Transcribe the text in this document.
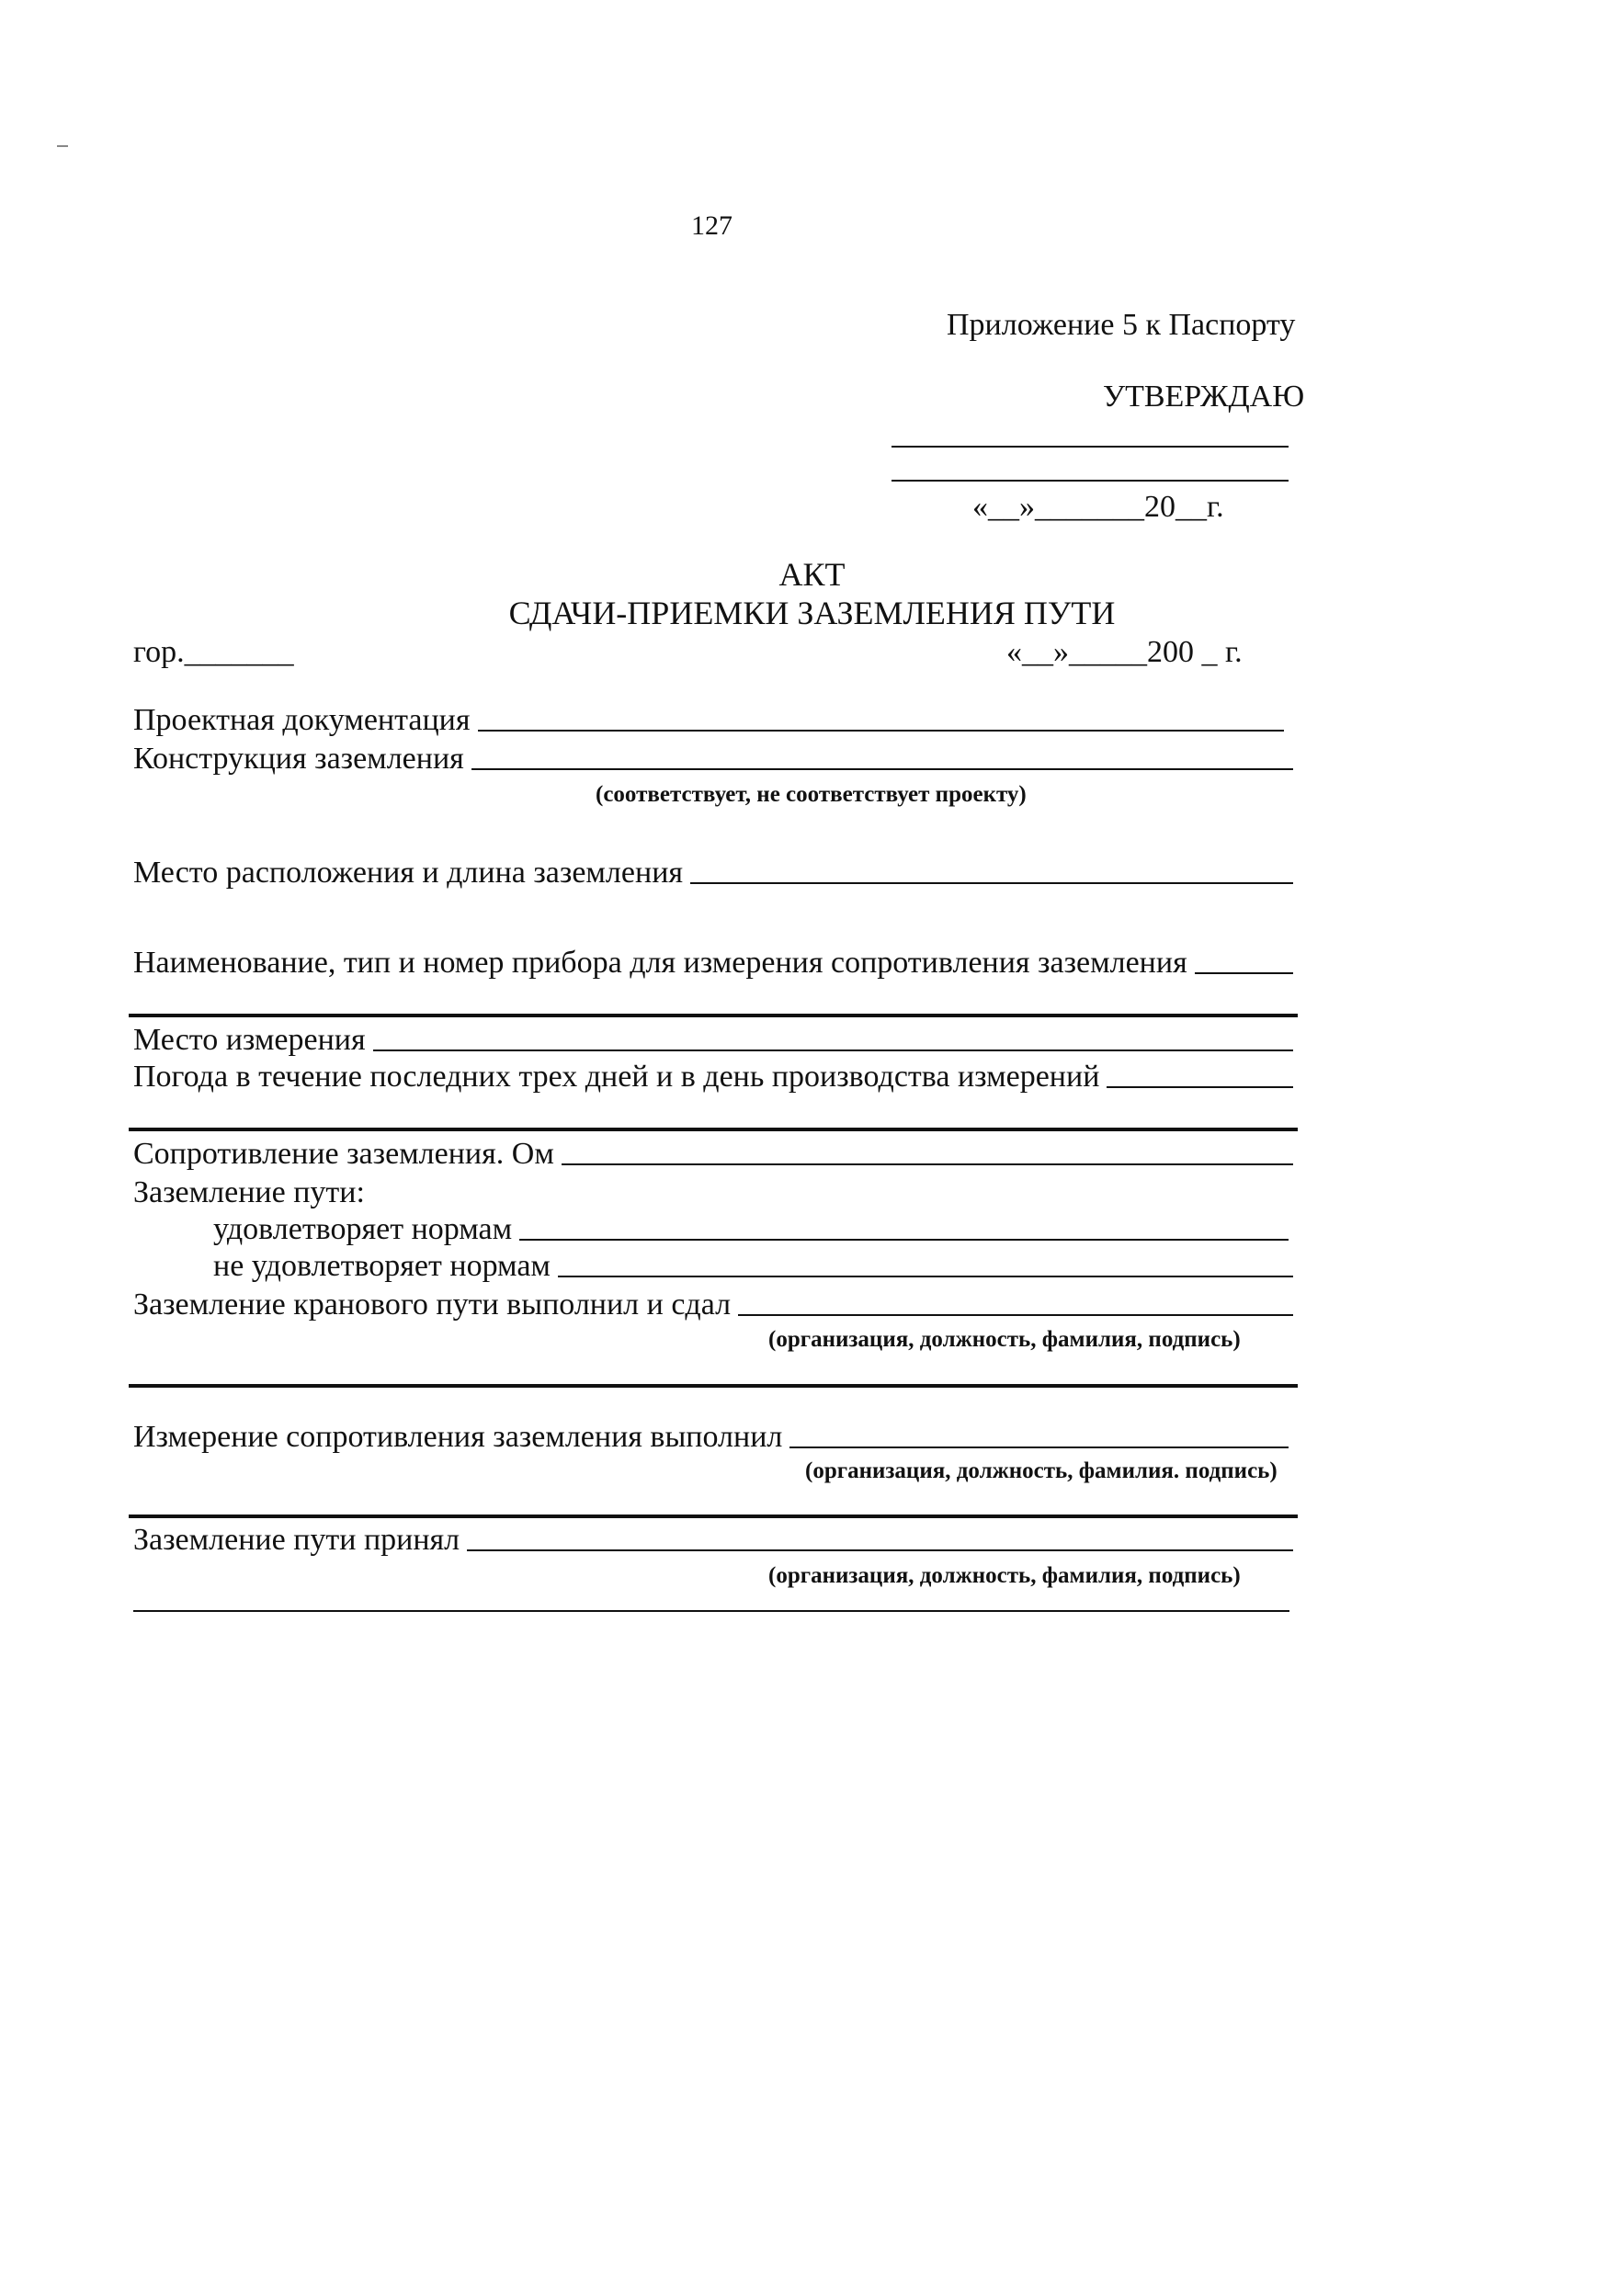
127
Приложение 5 к Паспорту
УТВЕРЖДАЮ
«__»_______20__г.
АКТ
СДАЧИ-ПРИЕМКИ ЗАЗЕМЛЕНИЯ ПУТИ
гор._______	«__»_____200 _ г.
Проектная документация
Конструкция заземления
(соответствует, не соответствует проекту)
Место расположения и длина заземления
Наименование, тип и номер прибора для измерения сопротивления заземления
Место измерения
Погода в течение последних трех дней и в день производства измерений
Сопротивление заземления. Ом
Заземление пути:
удовлетворяет нормам
не удовлетворяет нормам
Заземление кранового пути выполнил и сдал
(организация, должность, фамилия, подпись)
Измерение сопротивления заземления выполнил
(организация, должность, фамилия. подпись)
Заземление пути принял
(организация, должность, фамилия, подпись)
